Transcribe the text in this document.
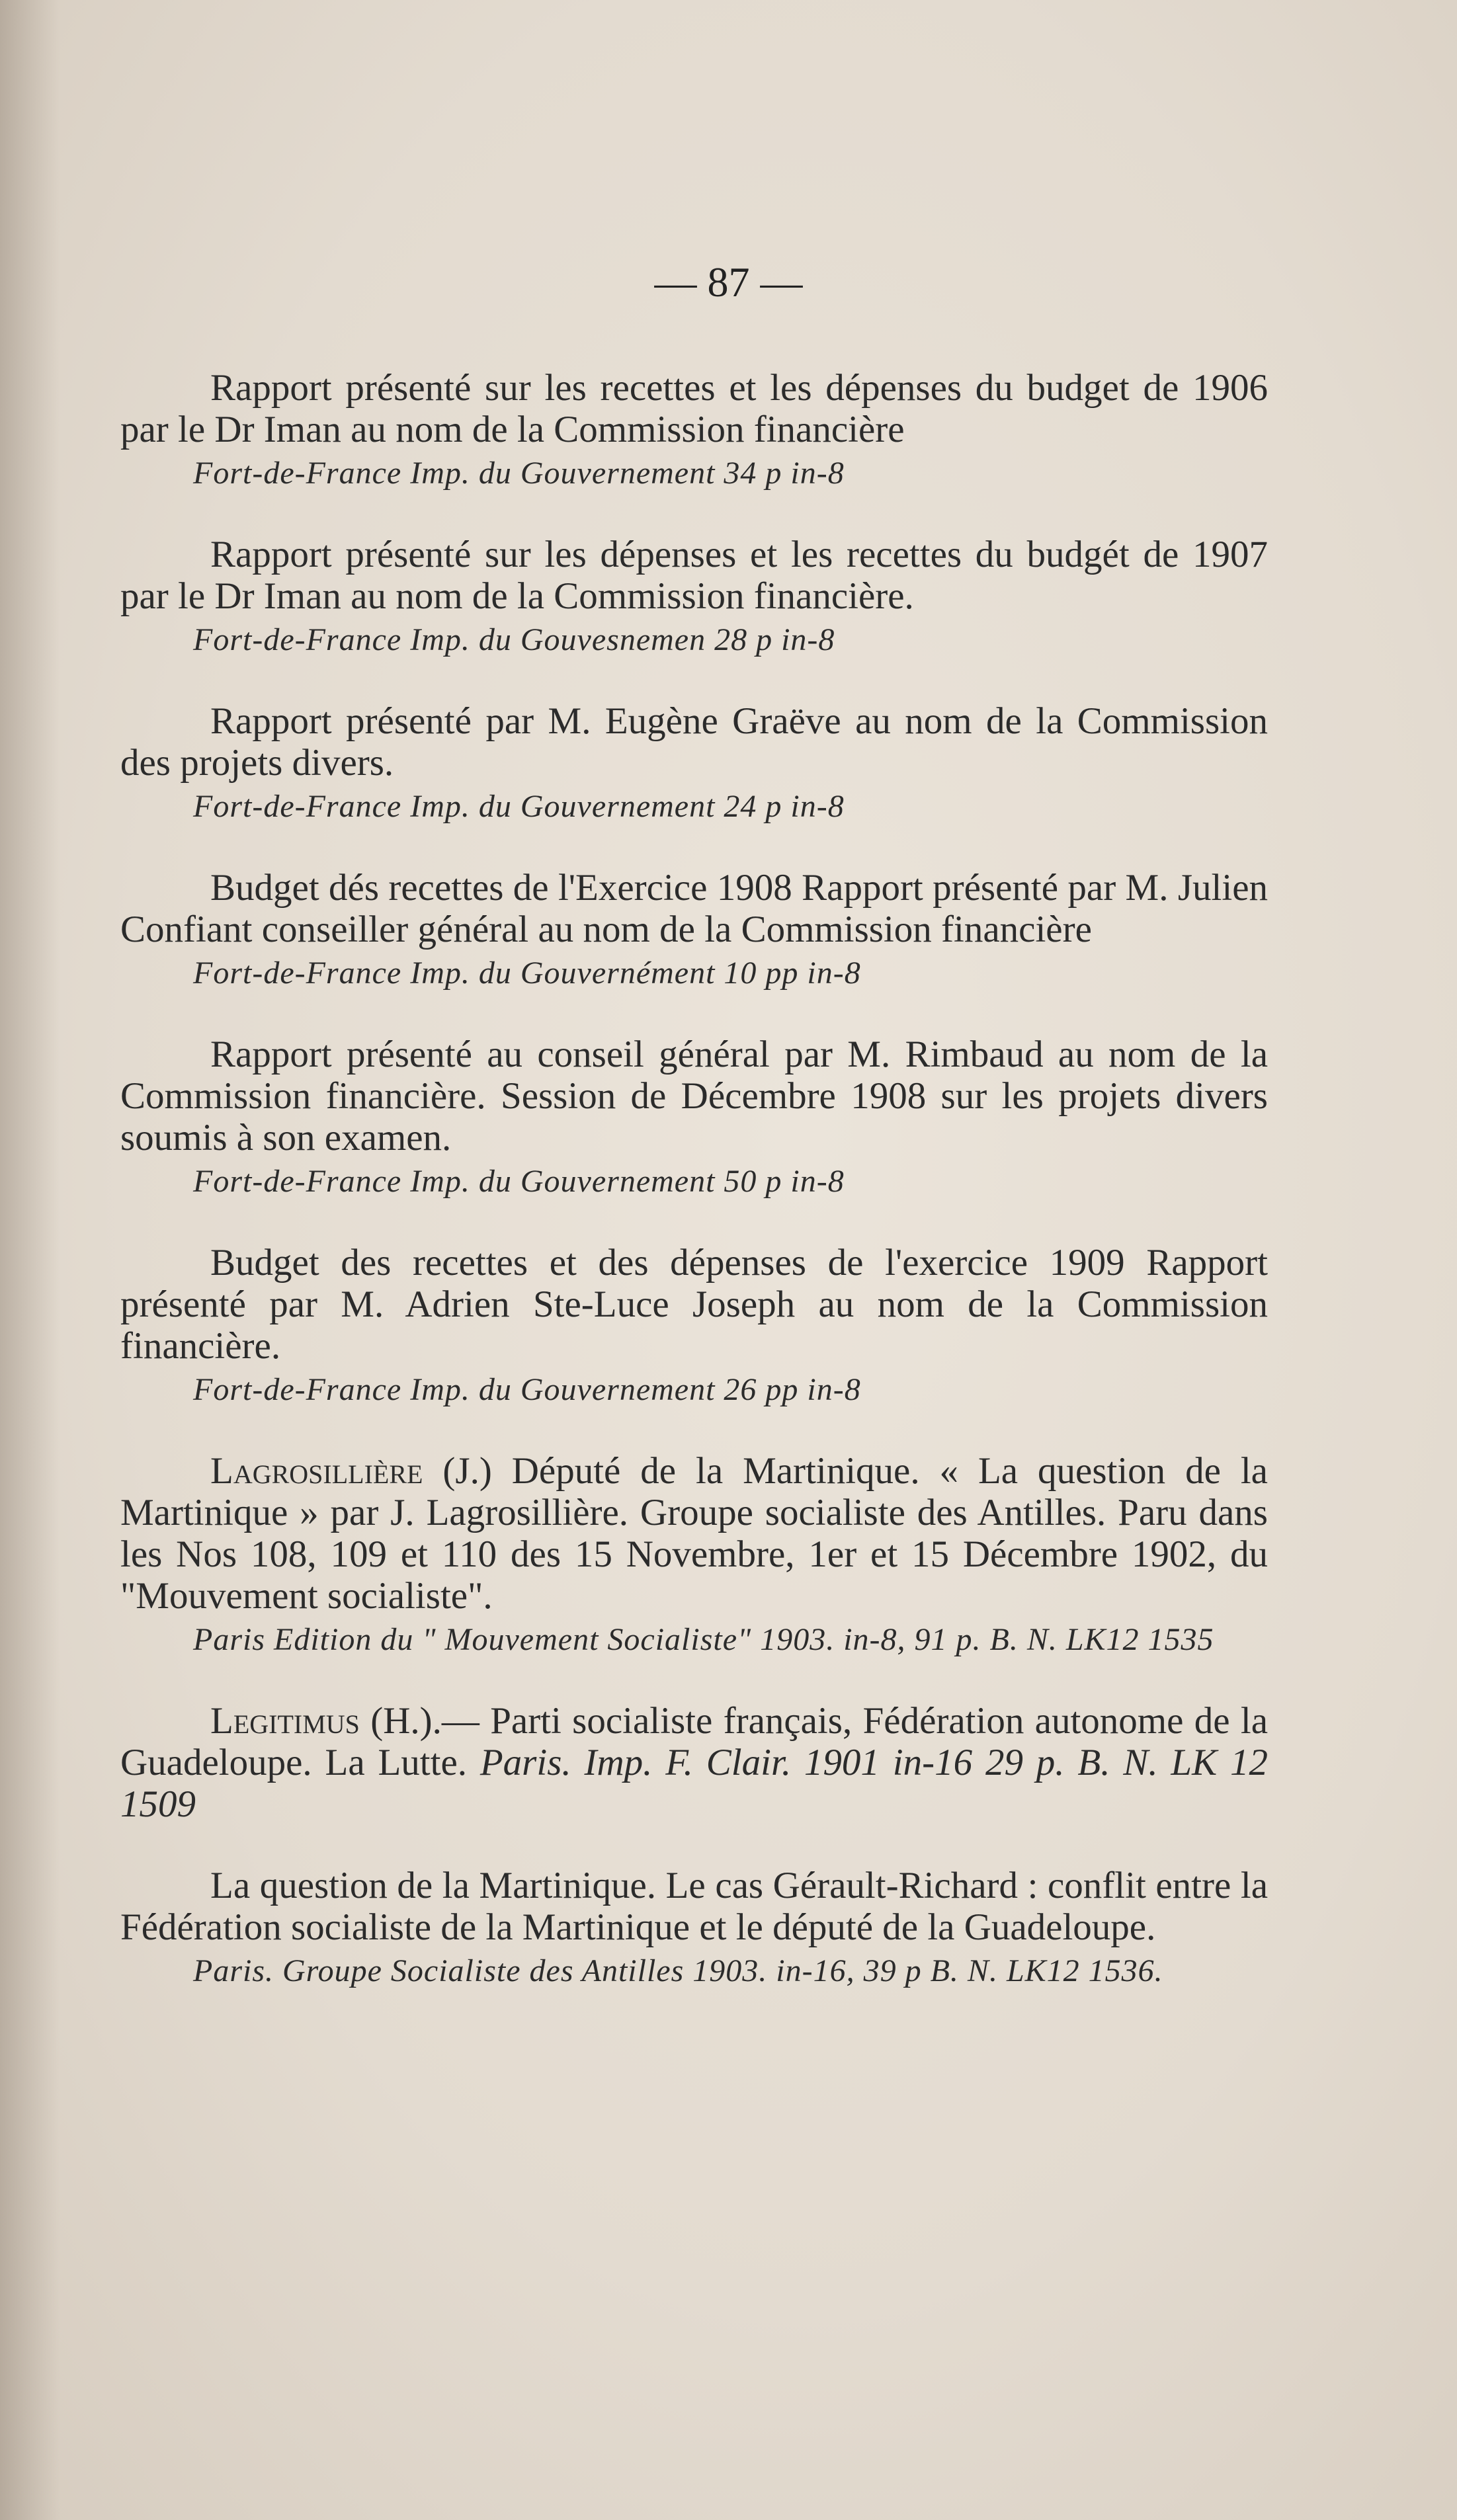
— 87 —

Rapport présenté sur les recettes et les dépenses du budget de 1906 par le Dr Iman au nom de la Commission financière

Fort-de-France Imp. du Gouvernement 34 p in-8

Rapport présenté sur les dépenses et les recettes du budgét de 1907 par le Dr Iman au nom de la Commission financière.

Fort-de-France Imp. du Gouvesnemen 28 p in-8

Rapport présenté par M. Eugène Graëve au nom de la Commission des projets divers.

Fort-de-France Imp. du Gouvernement 24 p in-8

Budget dés recettes de l'Exercice 1908 Rapport présenté par M. Julien Confiant conseiller général au nom de la Commission financière

Fort-de-France Imp. du Gouvernément 10 pp in-8

Rapport présenté au conseil général par M. Rimbaud au nom de la Commission financière. Session de Décembre 1908 sur les projets divers soumis à son examen.

Fort-de-France Imp. du Gouvernement 50 p in-8

Budget des recettes et des dépenses de l'exercice 1909 Rapport présenté par M. Adrien Ste-Luce Joseph au nom de la Commission financière.

Fort-de-France Imp. du Gouvernement 26 pp in-8

Lagrosillière (J.) Député de la Martinique. « La question de la Martinique » par J. Lagrosillière. Groupe socialiste des Antilles. Paru dans les Nos 108, 109 et 110 des 15 Novembre, 1er et 15 Décembre 1902, du "Mouvement socialiste".

Paris Edition du " Mouvement Socialiste" 1903. in-8, 91 p. B. N. LK12 1535

Legitimus (H.).— Parti socialiste français, Fédération autonome de la Guadeloupe. La Lutte. Paris. Imp. F. Clair. 1901 in-16 29 p. B. N. LK 12 1509

La question de la Martinique. Le cas Gérault-Richard : conflit entre la Fédération socialiste de la Martinique et le député de la Guadeloupe.

Paris. Groupe Socialiste des Antilles 1903. in-16, 39 p B. N. LK12 1536.
